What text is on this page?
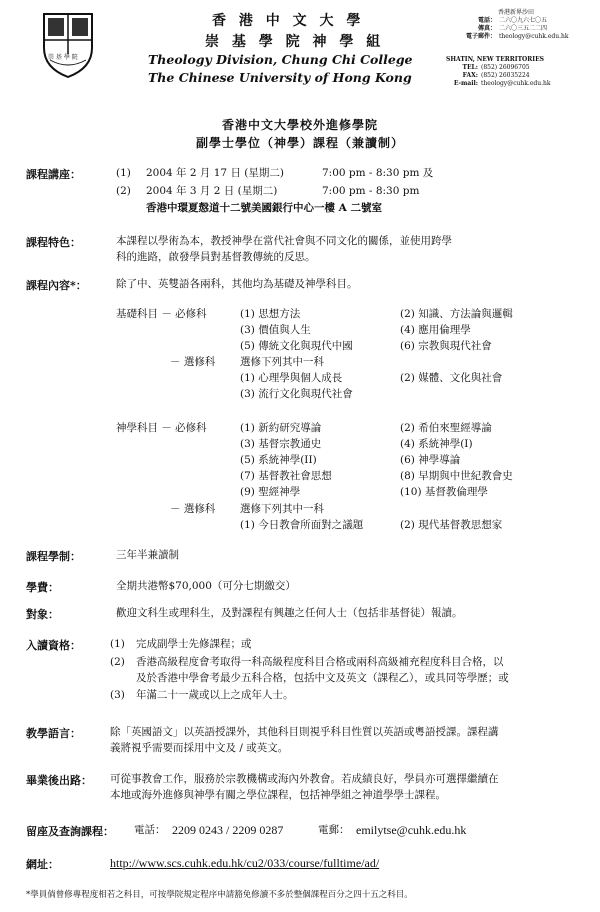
崇 基 學 院
香 港 中 文 大 學
崇 基 學 院 神 學 組
Theology Division, Chung Chi College
The Chinese University of Hong Kong
香港新界沙田
電話： 二六〇九六七〇五
傳真： 二六〇三五二二四
電子郵件： theology@cuhk.edu.hk
SHATIN, NEW TERRITORIES
TEL: (852) 26096705
FAX: (852) 26035224
E-mail: theology@cuhk.edu.hk
香港中文大學校外進修學院
副學士學位（神學）課程（兼讀制）
課程講座：	(1) 2004 年 2 月 17 日 (星期二)	7:00 pm - 8:30 pm 及
(2) 2004 年 3 月 2 日 (星期二)	7:00 pm - 8:30 pm
香港中環夏慤道十二號美國銀行中心一樓 A 二號室
課程特色：	本課程以學術為本，教授神學在當代社會與不同文化的關係，並使用跨學
科的進路，啟發學員對基督教傳統的反思。
課程內容*：	除了中、英雙語各兩科，其他均為基礎及神學科目。
基礎科目 － 必修科	(1) 思想方法	(2) 知識、方法論與邏輯
(3) 價值與人生	(4) 應用倫理學
(5) 傳統文化與現代中國	(6) 宗教與現代社會
－ 選修科 選修下列其中一科
(1) 心理學與個人成長	(2) 媒體、文化與社會
(3) 流行文化與現代社會
神學科目 － 必修科	(1) 新約研究導論	(2) 希伯來聖經導論
(3) 基督宗教通史	(4) 系統神學(I)
(5) 系統神學(II)	(6) 神學導論
(7) 基督教社會思想	(8) 早期與中世紀教會史
(9) 聖經神學	(10) 基督教倫理學
－ 選修科 選修下列其中一科
(1) 今日教會所面對之議題	(2) 現代基督教思想家
課程學制：	三年半兼讀制
學費：	全期共港幣$70,000（可分七期繳交）
對象：	歡迎文科生或理科生，及對課程有興趣之任何人士（包括非基督徒）報讀。
入讀資格：	(1) 完成副學士先修課程；或
(2) 香港高級程度會考取得一科高級程度科目合格或兩科高級補充程度科目合格，以
及於香港中學會考最少五科合格，包括中文及英文（課程乙），或具同等學歷；或
(3) 年滿二十一歲或以上之成年人士。
教學語言：	除「英國語文」以英語授課外，其他科目則視乎科目性質以英語或粵語授課。課程講
義將視乎需要而採用中文及 / 或英文。
畢業後出路： 可從事教會工作，服務於宗教機構或海內外教會。若成績良好，學員亦可選擇繼續在
本地或海外進修與神學有關之學位課程，包括神學組之神道學學士課程。
留座及查詢課程： 電話： 2209 0243 / 2209 0287	電郵： emilytse@cuhk.edu.hk
網址：	http://www.scs.cuhk.edu.hk/cu2/033/course/fulltime/ad/
*學員倘曾修專程度相若之科目，可按學院規定程序申請豁免修讀不多於整個課程百分之四十五之科目。
